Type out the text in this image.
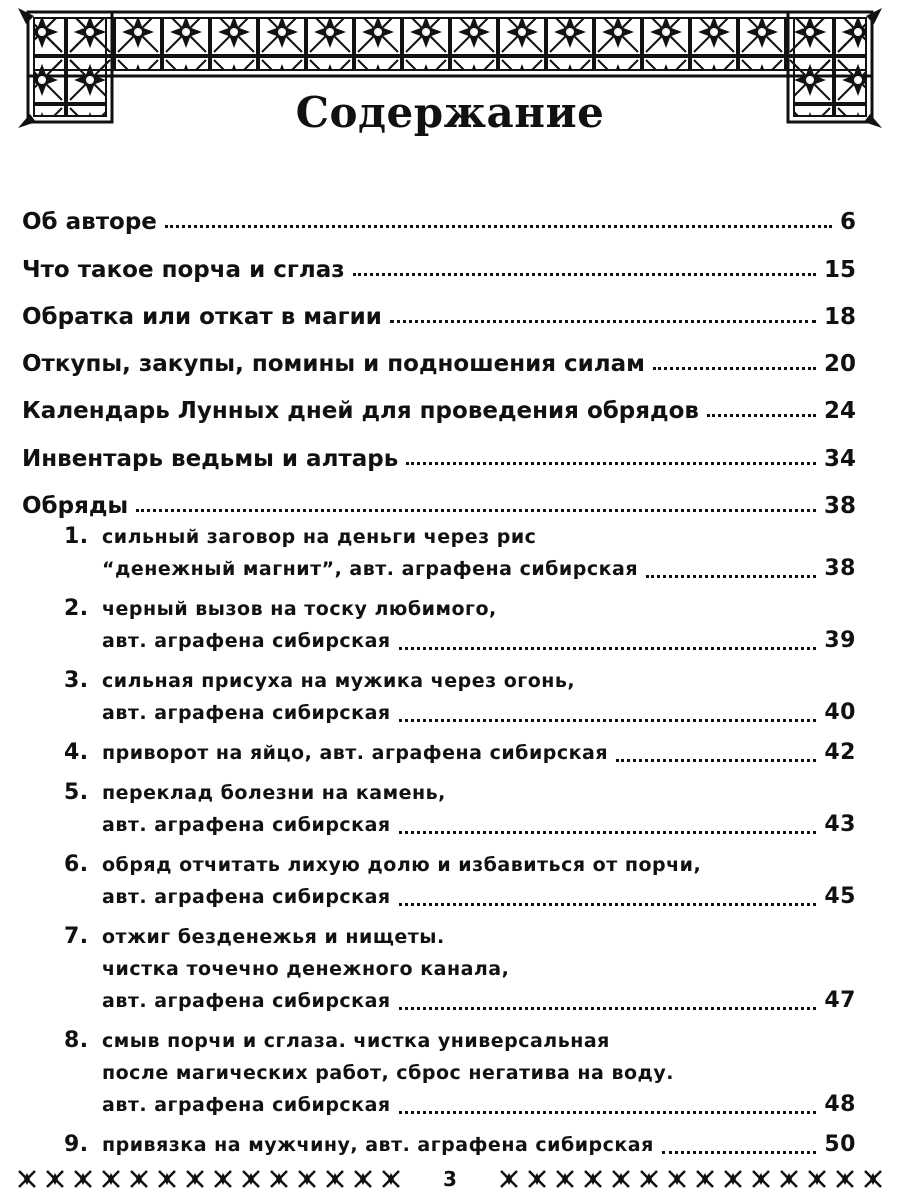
Содержание
Об авторе	6
Что такое порча и сглаз	15
Обратка или откат в магии	18
Откупы, закупы, помины и подношения силам	20
Календарь Лунных дней для проведения обрядов	24
Инвентарь ведьмы и алтарь	34
Обряды	38
1. сильный заговор на деньги через рис
“денежный магнит”, авт. аграфена сибирская	38
2. черный вызов на тоску любимого,
авт. аграфена сибирская	39
3. сильная присуха на мужика через огонь,
авт. аграфена сибирская	40
4. приворот на яйцо, авт. аграфена сибирская	42
5. переклад болезни на камень,
авт. аграфена сибирская	43
6. обряд отчитать лихую долю и избавиться от порчи,
авт. аграфена сибирская	45
7. отжиг безденежья и нищеты.
чистка точечно денежного канала,
авт. аграфена сибирская	47
8. смыв порчи и сглаза. чистка универсальная
после магических работ, сброс негатива на воду.
авт. аграфена сибирская	48
9. привязка на мужчину, авт. аграфена сибирская	50
3
